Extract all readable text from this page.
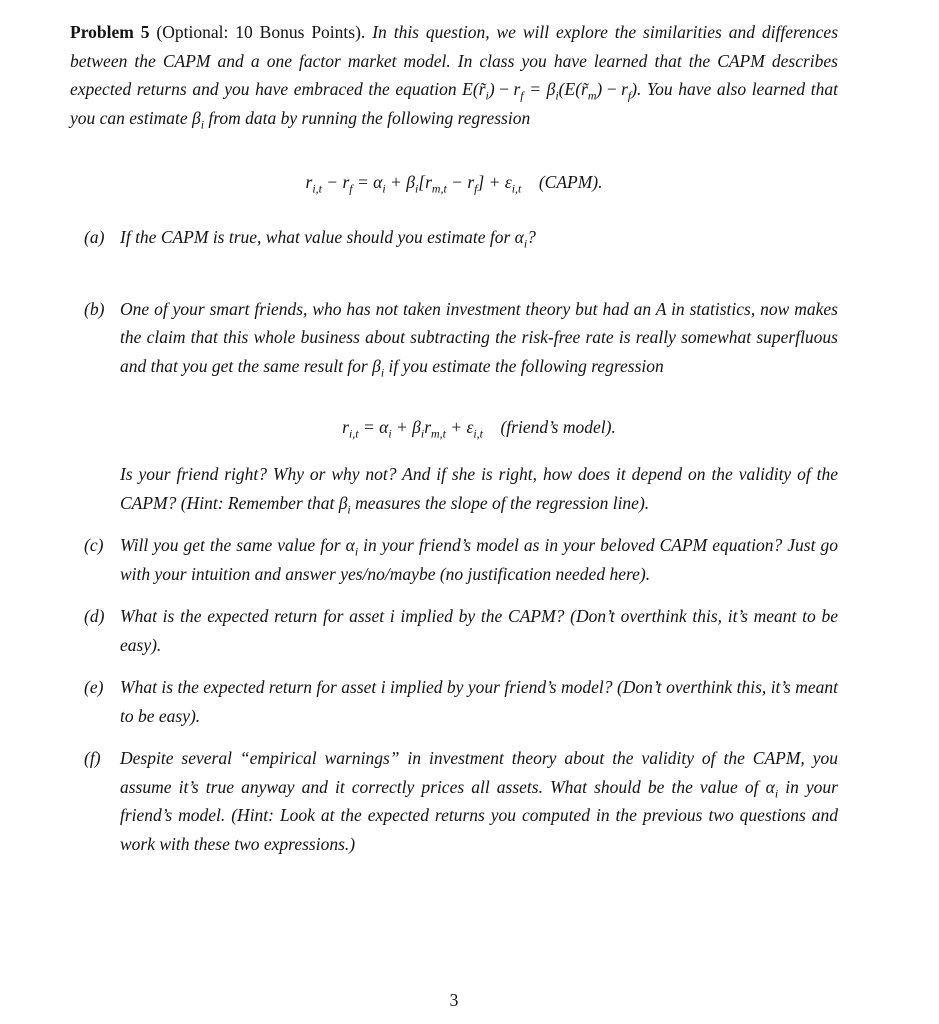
Problem 5 (Optional: 10 Bonus Points). In this question, we will explore the similarities and differences between the CAPM and a one factor market model. In class you have learned that the CAPM describes expected returns and you have embraced the equation $E(r̃_i) - r_f$ = $\beta_i(E(r̃_m) - r_f)$. You have also learned that you can estimate $\beta_i$ from data by running the following regression

$r_{i,t} - r_f = \alpha_i + \beta_i[r_{m,t} - r_f] + \varepsilon_{i,t}$    (CAPM).
(a) If the CAPM is true, what value should you estimate for $\alpha_i$?
(b) One of your smart friends, who has not taken investment theory but had an A in statistics, now makes the claim that this whole business about subtracting the risk-free rate is really somewhat superfluous and that you get the same result for $\beta_i$ if you estimate the following regression
$r_{i,t} = \alpha_i + \beta_ir_{m,t} + \varepsilon_{i,t}$    (friend’s model).
Is your friend right? Why or why not? And if she is right, how does it depend on the validity of the CAPM? (Hint: Remember that $\beta_i$ measures the slope of the regression line).
(c) Will you get the same value for $\alpha_i$ in your friend’s model as in your beloved CAPM equation? Just go with your intuition and answer yes/no/maybe (no justification needed here).
(d) What is the expected return for asset i implied by the CAPM? (Don’t overthink this, it’s meant to be easy).
(e) What is the expected return for asset i implied by your friend’s model? (Don’t overthink this, it’s meant to be easy).
(f)	Despite several “empirical warnings” in investment theory about the validity of the CAPM, you assume it’s true anyway and it correctly prices all assets. What should be the value of $\alpha_i$ in your friend’s model. (Hint: Look at the expected returns you computed in the previous two questions and work with these two expressions.)
3
